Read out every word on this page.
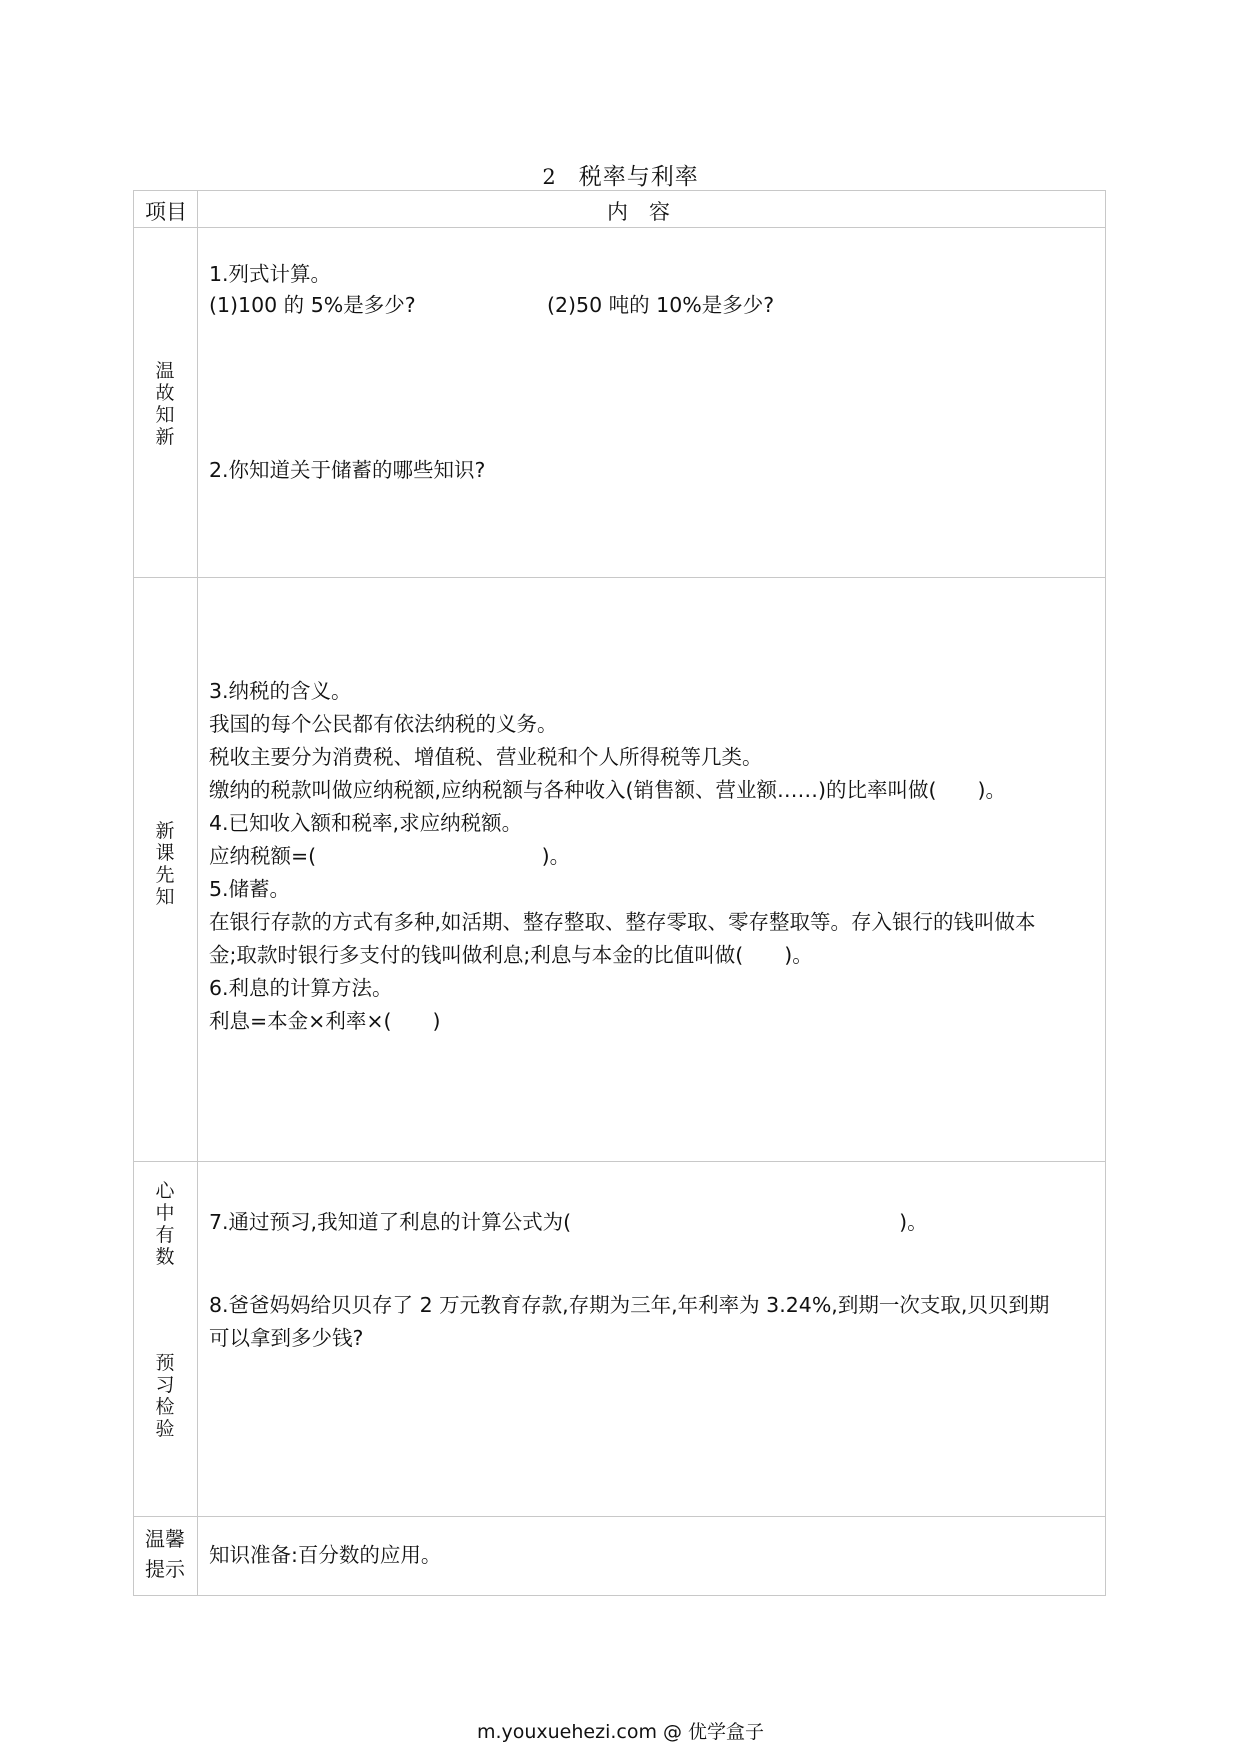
2 税率与利率
项目	内　容
温故知新
1.列式计算。
(1)100 的 5%是多少?	(2)50 吨的 10%是多少?
2.你知道关于储蓄的哪些知识?
新课先知
3.纳税的含义。
我国的每个公民都有依法纳税的义务。
税收主要分为消费税、增值税、营业税和个人所得税等几类。
缴纳的税款叫做应纳税额,应纳税额与各种收入(销售额、营业额……)的比率叫做(　　)。
4.已知收入额和税率,求应纳税额。
应纳税额=(　　　　　　　　　　　)。
5.储蓄。
在银行存款的方式有多种,如活期、整存整取、整存零取、零存整取等。存入银行的钱叫做本
金;取款时银行多支付的钱叫做利息;利息与本金的比值叫做(　　)。
6.利息的计算方法。
利息=本金×利率×(　　)
心中有数
7.通过预习,我知道了利息的计算公式为(　　　　　　　　　　　　　　　　)。
预习检验
8.爸爸妈妈给贝贝存了 2 万元教育存款,存期为三年,年利率为 3.24%,到期一次支取,贝贝到期
可以拿到多少钱?
温馨提示
知识准备:百分数的应用。
m.youxuehezi.com @ 优学盒子
